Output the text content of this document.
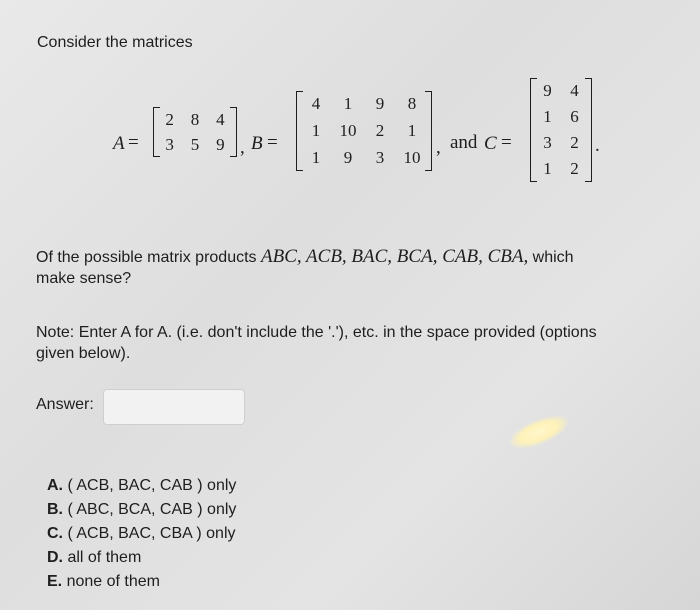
Consider the matrices
A =
2 8 4
3 5 9 , B =
4	1	9	8
1	10	2	1
1	9	3	10 , and C =
9	4
1	6
3	2
1	2
.
Of the possible matrix products ABC, ACB, BAC, BCA, CAB, CBA, which
make sense?
Note: Enter A for A. (i.e. don't include the '.'), etc. in the space provided (options
given below).
Answer:
A. ( ACB, BAC, CAB ) only
B. ( ABC, BCA, CAB ) only
C. ( ACB, BAC, CBA ) only
D. all of them
E. none of them
